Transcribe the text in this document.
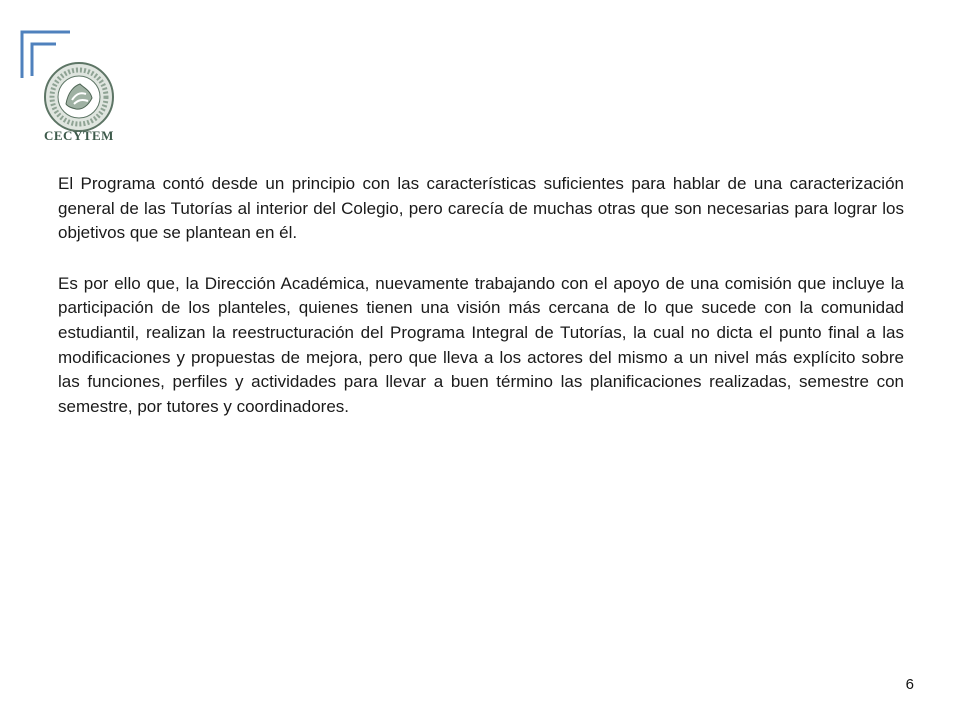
CECYTEM

El Programa contó desde un principio con las características suficientes para hablar de una caracterización general de las Tutorías al interior del Colegio, pero carecía de muchas otras que son necesarias para lograr los objetivos que se plantean en él.

Es por ello que, la Dirección Académica, nuevamente trabajando con el apoyo de una comisión que incluye la participación de los planteles, quienes tienen una visión más cercana de lo que sucede con la comunidad estudiantil, realizan la reestructuración del Programa Integral de Tutorías, la cual no dicta el punto final a las modificaciones y propuestas de mejora, pero que lleva a los actores del mismo a un nivel más explícito sobre las funciones, perfiles y actividades para llevar a buen término las planificaciones realizadas, semestre con semestre, por tutores y coordinadores.

6
